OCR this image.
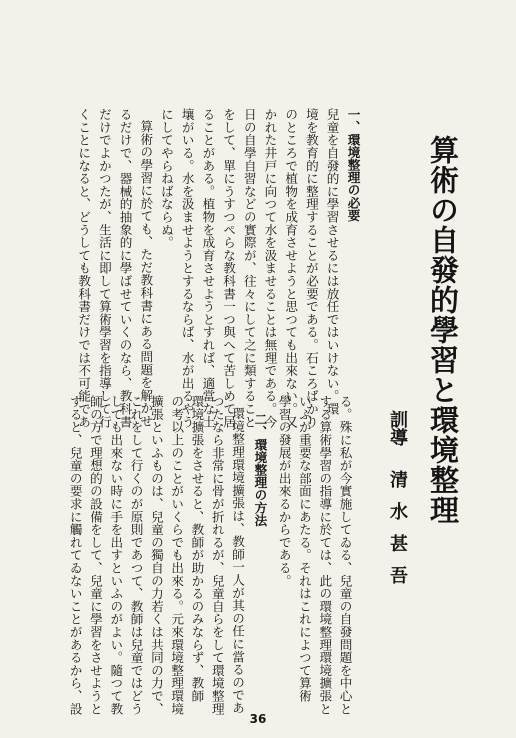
算術の自發的學習と環境整理
訓導
清水甚吾
一、環境整理の必要
兒童を自發的に學習させるには放任ではいけない。環
境を教育的に整理することが必要である。石ころばかり
のところで植物を成育させようと思つても出來ない。又
かれた井戸に向つて水を汲ませることは無理である。今
日の自學自習などの實際が、往々にして之に類すること
をして、單にうすつぺらな教科書一つ與へて苦しめて居
ることがある。植物を成育させようとすれば、適當な土
壤がいる。水を汲ませようとするならば、水が出るやう
にしてやらねばならぬ。
算術の學習に於ても、ただ教科書にある問題を解かせ
るだけで、器械的抽象的に學ばせていくのなら、教科書
だけでよかつたが、生活に即して算術學習を指導して行
くことになると、どうしても教科書だけでは不可能であ
る。殊に私が今實施してゐる、兒童の自發問題を中心と
する算術學習の指導に於ては、此の環境整理環境擴張と
いふが重要な部面にあたる。それはこれによつて算術
學習の發展が出來るからである。
二、環境整理の方法
環境整理環境擴張は、教師一人が其の任に當るのであ
つたなら非常に骨が折れるが、兒童自らをして環境整理
環境擴張をさせると、教師が助かるのみならず、教師
の考以上のことがいくらでも出來る。元來環境整理環境
擴張といふものは、兒童の獨自の力若くは共同の力で、
これをして行くのが原則であつて、教師は兒童ではどう
しても出來ない時に手を出すといふのがよい。隨つて教
師の方で理想的の設備をして、兒童に學習をさせようと
すると、兒童の要求に觸れてゐないことがあるから、設
36
